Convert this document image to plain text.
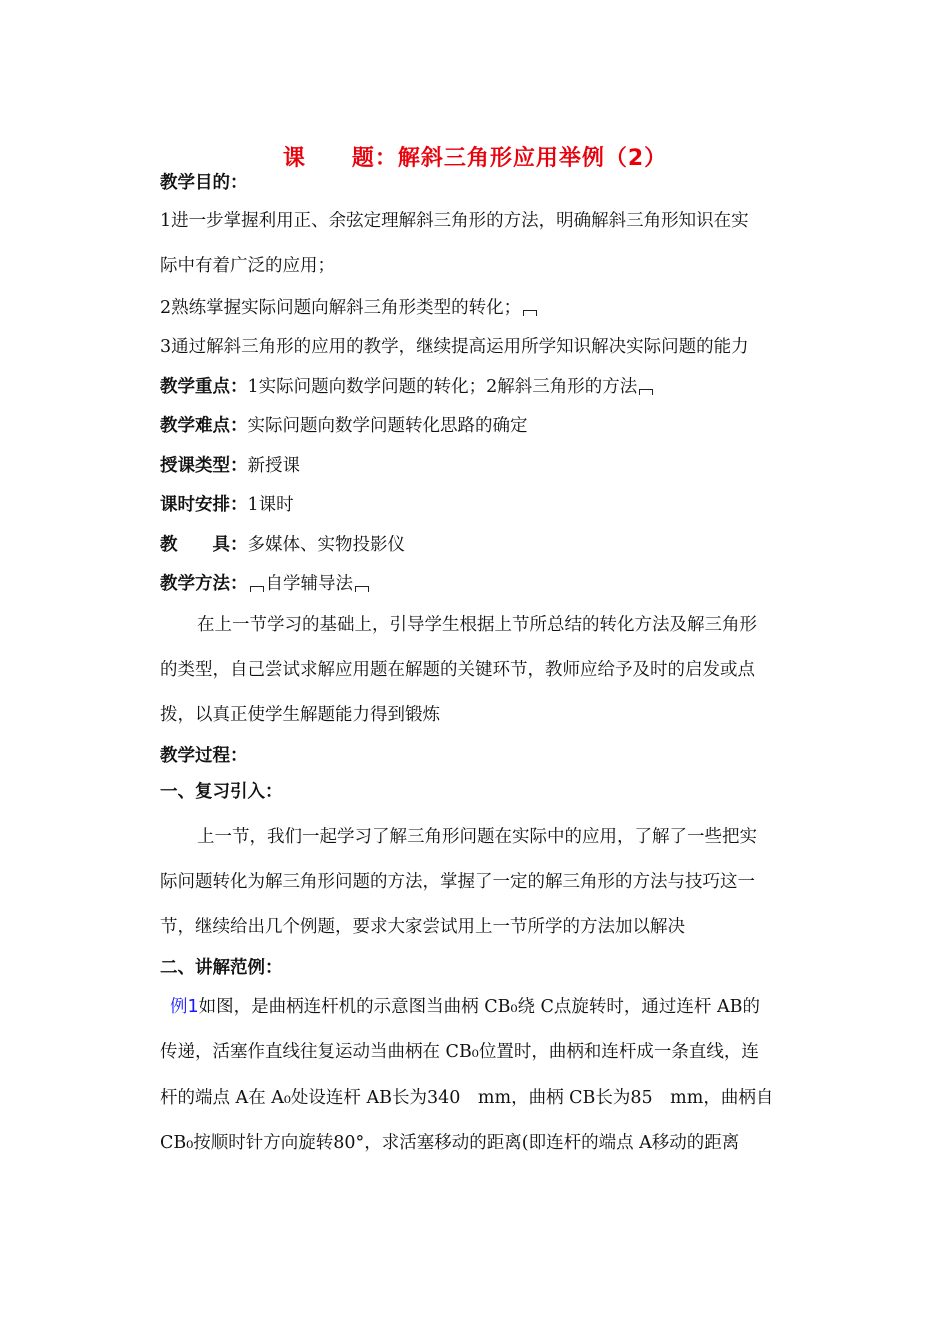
课 题：解斜三角形应用举例（2）
教学目的：
1进一步掌握利用正、余弦定理解斜三角形的方法，明确解斜三角形知识在实
际中有着广泛的应用；
2熟练掌握实际问题向解斜三角形类型的转化；
3通过解斜三角形的应用的教学，继续提高运用所学知识解决实际问题的能力
教学重点：1实际问题向数学问题的转化；2解斜三角形的方法
教学难点：实际问题向数学问题转化思路的确定
授课类型：新授课
课时安排：1课时
教　　具：多媒体、实物投影仪
教学方法： 自学辅导法
在上一节学习的基础上，引导学生根据上节所总结的转化方法及解三角形
的类型，自己尝试求解应用题在解题的关键环节，教师应给予及时的启发或点
拨，以真正使学生解题能力得到锻炼
教学过程：
一、复习引入：
上一节，我们一起学习了解三角形问题在实际中的应用，了解了一些把实
际问题转化为解三角形问题的方法，掌握了一定的解三角形的方法与技巧这一
节，继续给出几个例题，要求大家尝试用上一节所学的方法加以解决
二、讲解范例：
例1如图，是曲柄连杆机的示意图当曲柄 CB₀绕 C点旋转时，通过连杆 AB的
传递，活塞作直线往复运动当曲柄在 CB₀位置时，曲柄和连杆成一条直线，连
杆的端点 A在 A₀处设连杆 AB长为340　mm，曲柄 CB长为85　mm，曲柄自
CB₀按顺时针方向旋转80°，求活塞移动的距离(即连杆的端点 A移动的距离
